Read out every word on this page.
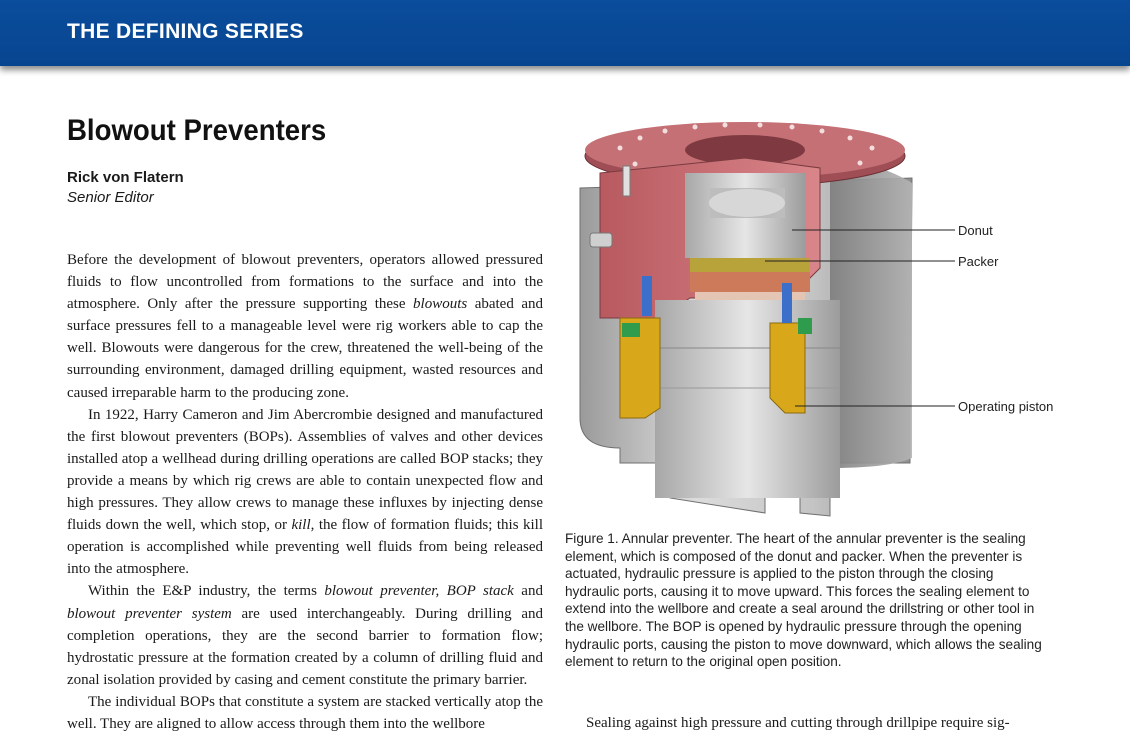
THE DEFINING SERIES
Blowout Preventers
Rick von Flatern
Senior Editor

Before the development of blowout preventers, operators allowed pressured fluids to flow uncontrolled from formations to the surface and into the atmosphere. Only after the pressure supporting these blowouts abated and surface pressures fell to a manageable level were rig workers able to cap the well. Blowouts were dangerous for the crew, threatened the well-being of the surrounding environment, damaged drilling equipment, wasted resources and caused irreparable harm to the producing zone.

In 1922, Harry Cameron and Jim Abercrombie designed and manufactured the first blowout preventers (BOPs). Assemblies of valves and other devices installed atop a wellhead during drilling operations are called BOP stacks; they provide a means by which rig crews are able to contain unexpected flow and high pressures. They allow crews to manage these influxes by injecting dense fluids down the well, which stop, or kill, the flow of formation fluids; this kill operation is accomplished while preventing well fluids from being released into the atmosphere.

Within the E&P industry, the terms blowout preventer, BOP stack and blowout preventer system are used interchangeably. During drilling and completion operations, they are the second barrier to formation flow; hydrostatic pressure at the formation created by a column of drilling fluid and zonal isolation provided by casing and cement constitute the primary barrier.

The individual BOPs that constitute a system are stacked vertically atop the well. They are aligned to allow access through them into the wellbore

Donut
Packer
Operating piston
Figure 1. Annular preventer. The heart of the annular preventer is the sealing element, which is composed of the donut and packer. When the preventer is actuated, hydraulic pressure is applied to the piston through the closing hydraulic ports, causing it to move upward. This forces the sealing element to extend into the wellbore and create a seal around the drillstring or other tool in the wellbore. The BOP is opened by hydraulic pressure through the opening hydraulic ports, causing the piston to move downward, which allows the sealing element to return to the original open position.
Sealing against high pressure and cutting through drillpipe require sig-
